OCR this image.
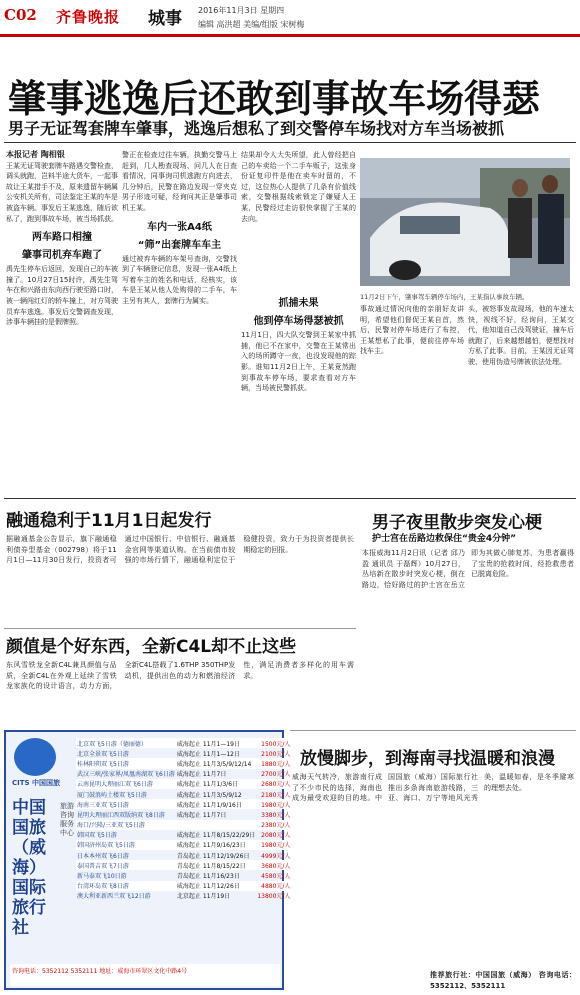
C02 齐鲁晚报 城事 2016年11月3日 星期四
编辑 高洪超 美编/组版 宋树梅
肇事逃逸后还敢到事故车场得瑟
男子无证驾套牌车肇事，逃逸后想私了到交警停车场找对方车当场被抓
本报记者 陶相银
王某无证驾驶套牌车路遇交警检查，调头就跑，岂料半途大货车，一起事故让王某措手不及，原来遗留车辆属公安机关所有，司法鉴定王某的车是被盗车辆。事发后王某逃逸，随后欲私了，跑到事故车场，被当场抓获。
两车路口相撞
肇事司机弃车跑了
禹先生停车后返回，发现自己的车被撞了。10月27日15时许，禹先生驾车在和兴路由东向西行驶至路口时，被一辆闯红灯的轿车撞上，对方驾驶员弃车逃逸。事发后交警调查发现，涉事车辆挂的是假牌照。
警正在检查过往车辆，执勤交警马上赶到，几人勘查现场、问几人在日查看情况，同事询司机逃跑方向进去，几分钟后，民警在路边发现一穿夹克男子形迹可疑，经询问其正是肇事司机王某。
车内一张A4纸
“筛”出套牌车车主
通过被弃车辆的车架号查询，交警找到了车辆登记信息，发现一张A4纸上写着车主的姓名和电话，经核实，该车是王某从他人处购得的二手车，车主另有其人，套牌行为属实。
结果却令人大失所望，此人曾经把自己的车卖给一个二手车贩子，这张身份证复印件是他在卖车时留的，不过，这位热心人提供了几条有价值线索，交警根据线索锁定了嫌疑人王某，民警经过走访很快掌握了王某的去向。
抓捕未果
他到停车场得瑟被抓
11月1日，四大队交警到王某家中抓捕，他已不在家中，交警在王某常出入的场所蹲守一夜，也没发现他的踪影。谁知11月2日上午，王某竟然跑到事故车停车场，要求查看对方车辆，当场被民警抓获。
11月2日下午，肇事驾车辆停车场内，王某指认事故车辆。
事故通过情况向他的亲朋好友讲明，希望他们督促王某自首，然后，民警对停车场进行了布控，王某想私了此事，便前往停车场找车主。
头，被怒事发故现场，他的车速太快，视线不好，经询问，王某交代，他知道自己没驾驶证，撞车后就跑了，后来越想越怕，便想找对方私了此事。目前，王某因无证驾驶、使用伪造号牌被依法处理。
融通稳利于11月1日起发行
据融通基金公告显示，旗下融通稳利债券型基金（002798）将于11月1日—11月30日发行，投资者可通过中国银行、中信银行、融通基金官网等渠道认购。在当前债市较强的市场行情下，融通稳利定位于稳健投资，致力于为投资者提供长期稳定的回报。
颜值是个好东西，全新C4L却不止这些
东风雪铁龙全新C4L兼具颜值与品质，全新C4L在外观上延续了雪铁龙家族化的设计语言，动力方面，全新C4L搭载了1.6THP 350THP发动机，提供出色的动力和燃油经济性，满足消费者多样化的用车需求。
男子夜里散步突发心梗
护士宫在岳路边救保住“贵金4分钟”
本报威海11月2日讯（记者 邱乃盈 通讯员 于磊辉）10月27日，丛培新在散步时突发心梗，倒在路边，恰好路过的护士宫在岳立即为其做心肺复苏，为患者赢得了宝贵的抢救时间，经抢救患者已脱离危险。
放慢脚步，到海南寻找温暖和浪漫
威海天气转冷，旅游南行成了不少市民的选择，海南也成为最受欢迎的目的地。中国国旅（威海）国际旅行社推出多条海南旅游线路，三亚、海口、万宁等地风光秀美，温暖如春，是冬季避寒的理想去处。
推荐旅行社：中国国旅（威海） 咨询电话：5352112、5352111
CITS 中国国旅
中国国旅（威海）国际旅行社
旅游咨询服务中心
北京双飞5日游（德丽德）	威海起止	11月1—19日	1500元/人
北京全景双飞5日游	威海起止	11月1—12日	2100元/人
桂林阳朔双飞5日游	威海起止	11月3/5/9/12/14	1880元/人
武汉三峡/张家界/凤凰南湖双飞6日游	威海起止	11月7日	2700元/人
云南昆明大理丽江双飞6日游	威海起止	11月1/3/6日	2680元/人
厦门鼓浪屿土楼双飞5日游	威海起止	11月3/5/9/12	2180元/人
海南三亚双飞5日游	威海起止	11月1/9/16日	1980元/人
昆明大理丽江西双版纳双飞8日游	威海起止	11月7日	3380元/人
海口/兴隆/三亚双飞5日游	威海起止	11月2/5/6日	2380元/人
韩国双飞5日游	威海起止	11月8/15/22/29日	2080元/人
韩国济州岛双飞5日游	威海起止	11月9/16/23日	1980元/人
日本本州双飞6日游	青岛起止	11月12/19/26日	4999元/人
泰国普吉双飞7日游	青岛起止	11月8/15/22日	3680元/人
新马泰双飞10日游	青岛起止	11月16/23日	4580元/人
台湾环岛双飞8日游	威海起止	11月12/26日	4880元/人
澳大利亚新西兰双飞12日游	北京起止	11月19日	13800元/人
咨询电话：5352112 5352111 地址：威海市环翠区文化中路4号
